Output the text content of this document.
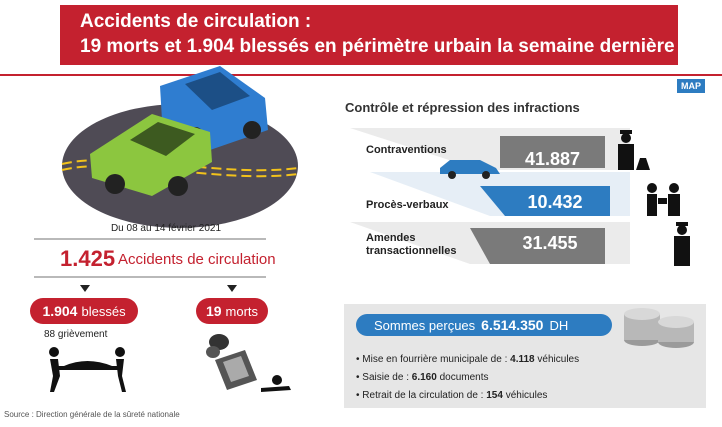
Accidents de circulation :
19 morts et 1.904 blessés en périmètre urbain la semaine dernière
MAP
Du 08 au 14 février 2021
1.425 Accidents de circulation
1.904 blessés	19 morts
88 grièvement
Source : Direction générale de la sûreté nationale
Contrôle et répression des infractions
Contraventions	41.887
Procès-verbaux	10.432
Amendes
transactionnelles	31.455
Sommes perçues 6.514.350 DH
• Mise en fourrière municipale de : 4.118 véhicules
• Saisie de : 6.160 documents
• Retrait de la circulation de : 154 véhicules
